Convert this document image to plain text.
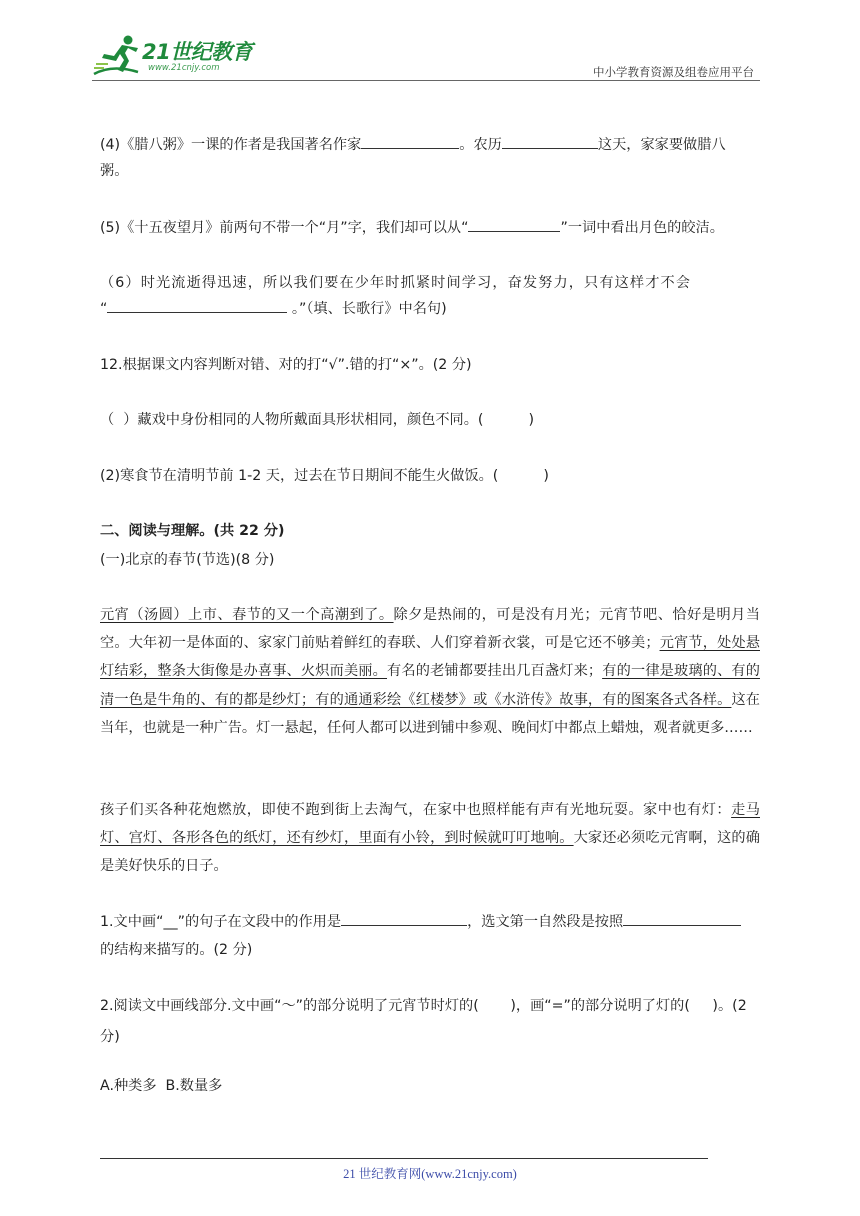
21世纪教育
www.21cnjy.com	中小学教育资源及组卷应用平台
(4)《腊八粥》一课的作者是我国著名作家	。农历	这天，家家要做腊八
粥。
(5)《十五夜望月》前两句不带一个“月”字，我们却可以从“	”一词中看出月色的皎洁。
（6）时光流逝得迅速，所以我们要在少年时抓紧时间学习，奋发努力，只有这样才不会
“	。”（填、长歌行》中名句)
12.根据课文内容判断对错、对的打“√”.错的打“×”。(2 分)
（  ）藏戏中身份相同的人物所戴面具形状相同，颜色不同。(          )
(2)寒食节在清明节前 1-2 天，过去在节日期间不能生火做饭。(          )
二、阅读与理解。(共 22 分)
(一)北京的春节(节选)(8 分)
元宵（汤圆）上市、春节的又一个高潮到了。除夕是热闹的，可是没有月光；元宵节吧、恰好是明月当空。大年初一是体面的、家家门前贴着鲜红的春联、人们穿着新衣裳，可是它还不够美；元宵节，处处悬灯结彩，整条大街像是办喜事、火炽而美丽。有名的老铺都要挂出几百盏灯来；有的一律是玻璃的、有的清一色是牛角的、有的都是纱灯；有的通通彩绘《红楼梦》或《水浒传》故事，有的图案各式各样。这在当年，也就是一种广告。灯一悬起，任何人都可以进到铺中参观、晚间灯中都点上蜡烛，观者就更多……
孩子们买各种花炮燃放，即使不跑到街上去淘气，在家中也照样能有声有光地玩耍。家中也有灯：走马灯、宫灯、各形各色的纸灯，还有纱灯，里面有小铃，到时候就叮叮地响。大家还必须吃元宵啊，这的确是美好快乐的日子。
1.文中画“__”的句子在文段中的作用是	，选文第一自然段是按照
的结构来描写的。(2 分)
2.阅读文中画线部分.文中画“～”的部分说明了元宵节时灯的(       )，画“=”的部分说明了灯的(     )。(2 分)
A.种类多  B.数量多
21 世纪教育网(www.21cnjy.com)
